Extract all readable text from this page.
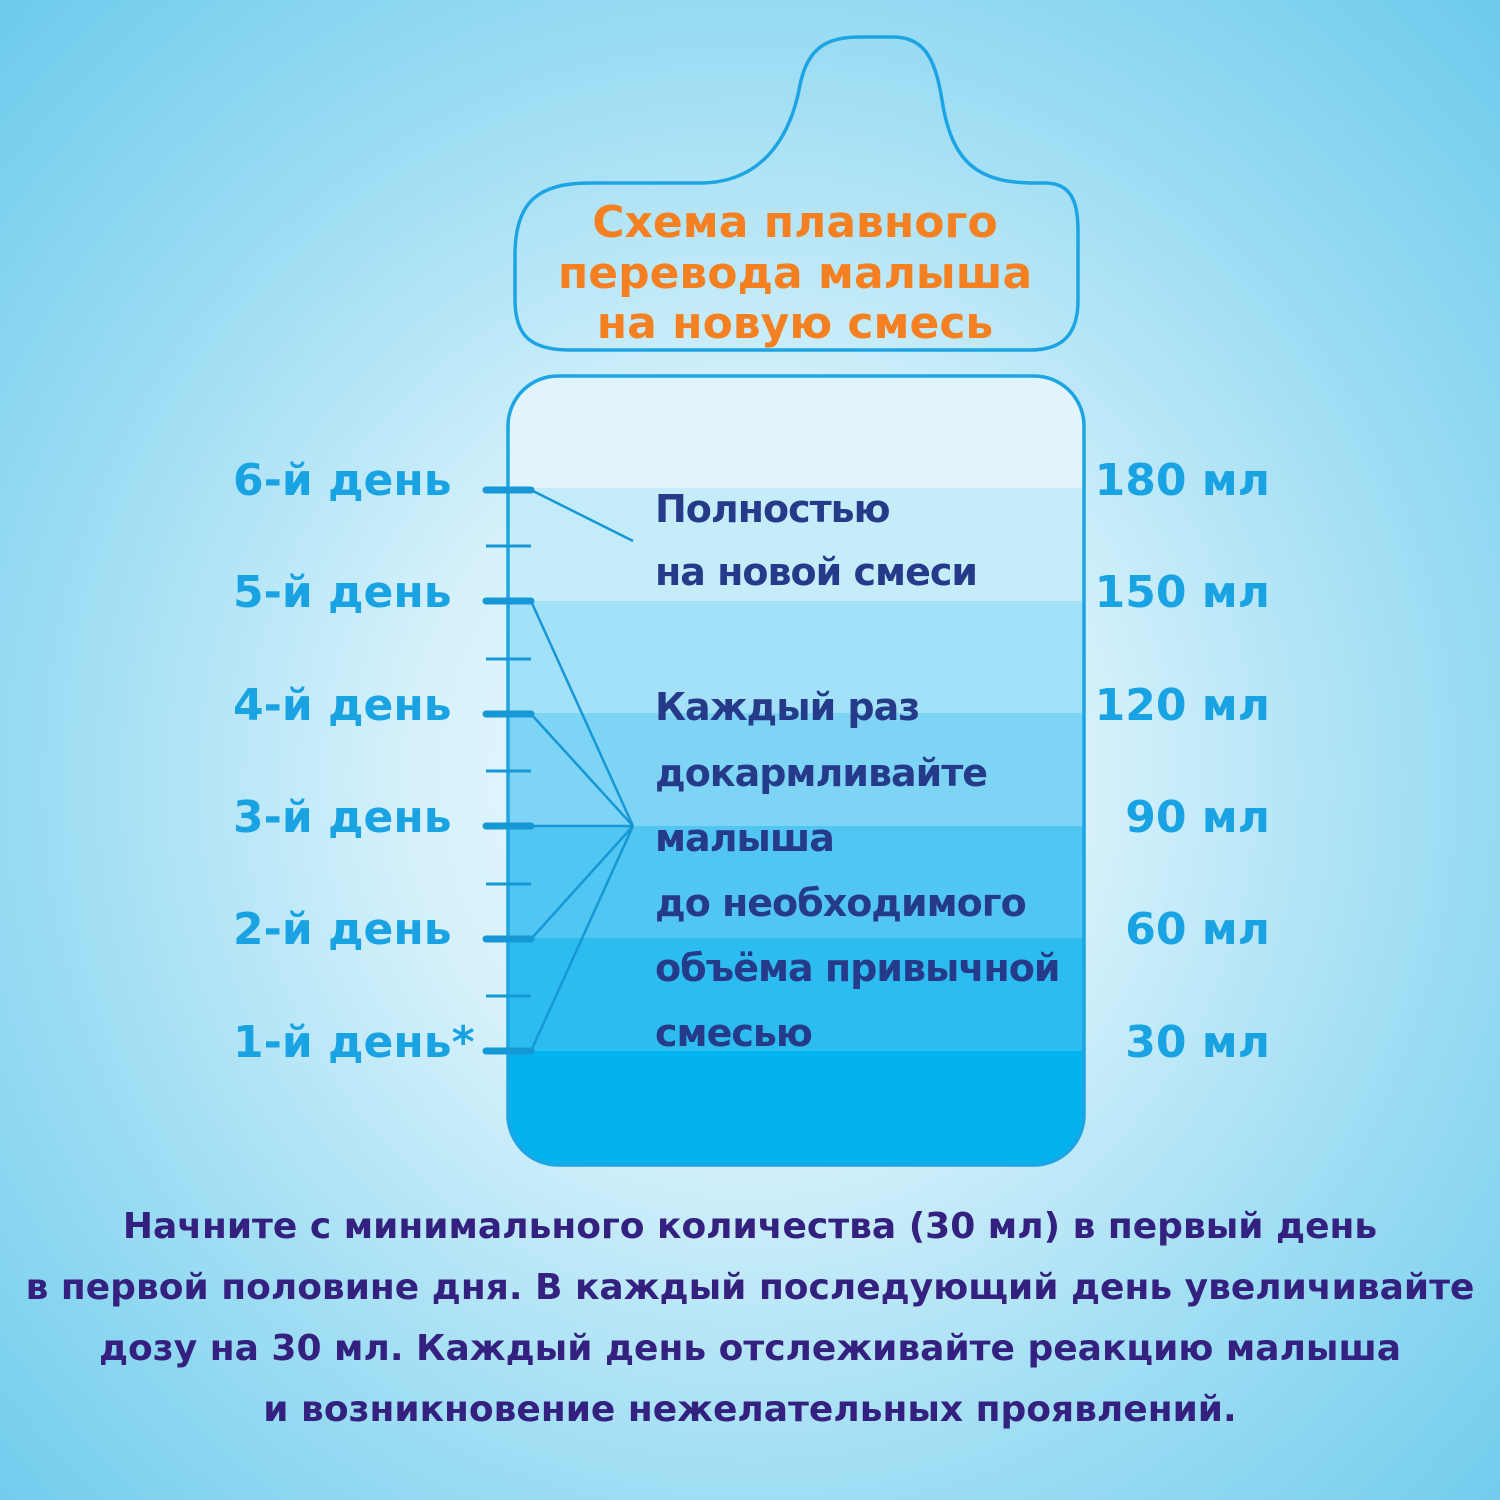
Схема плавного
перевода малыша
на новую смесь
6-й день
5-й день
4-й день
3-й день
2-й день
1-й день*
180 мл
150 мл
120 мл
90 мл
60 мл
30 мл
Полностью
на новой смеси
Каждый раз
докармливайте
малыша
до необходимого
объёма привычной
смесью
Начните с минимального количества (30 мл) в первый день
в первой половине дня. В каждый последующий день увеличивайте
дозу на 30 мл. Каждый день отслеживайте реакцию малыша
и возникновение нежелательных проявлений.
